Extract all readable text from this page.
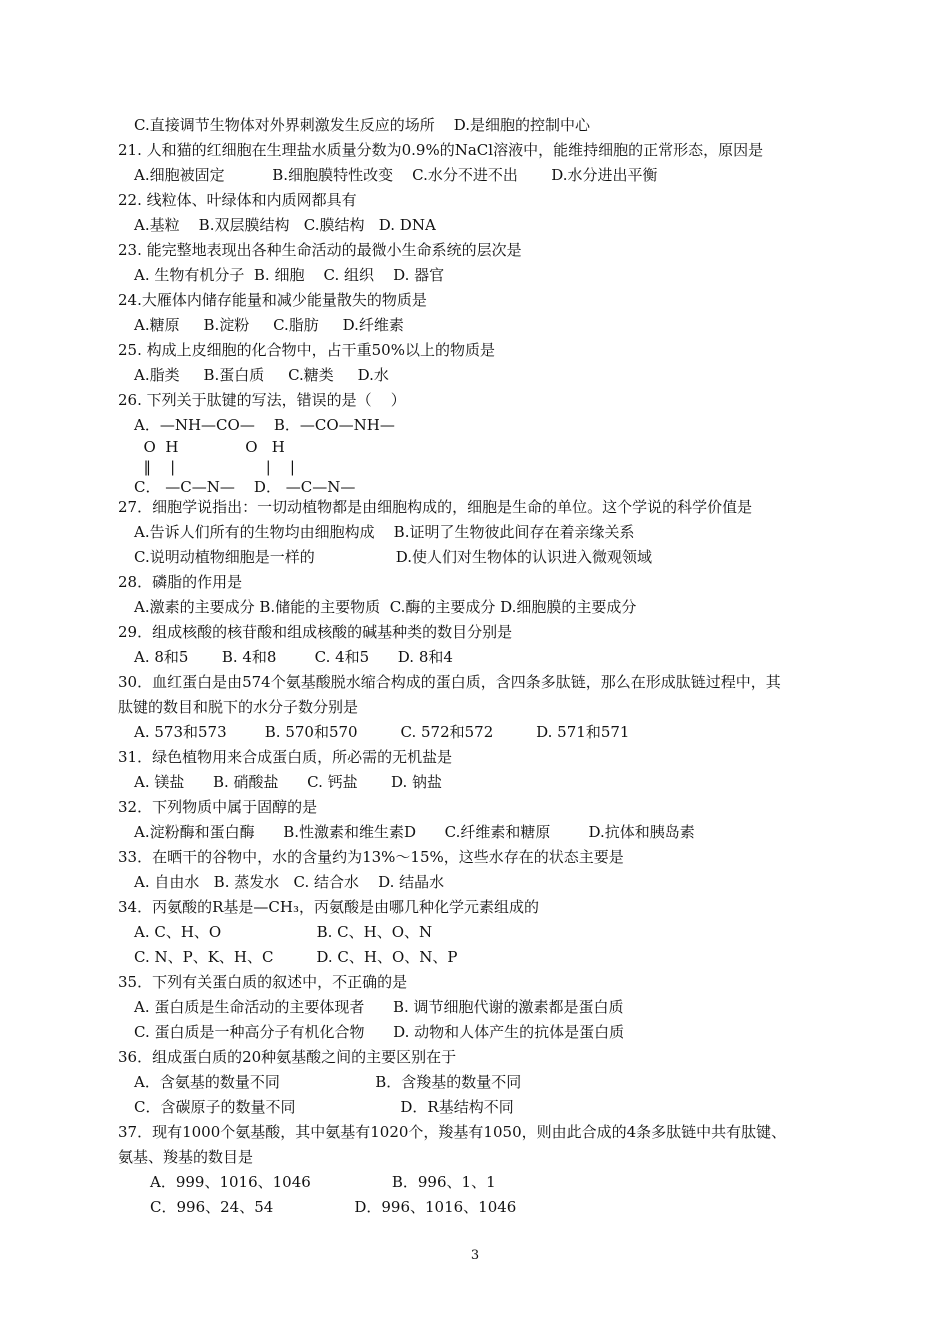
C.直接调节生物体对外界刺激发生反应的场所    D.是细胞的控制中心
21. 人和猫的红细胞在生理盐水质量分数为0.9%的NaCl溶液中，能维持细胞的正常形态，原因是
A.细胞被固定          B.细胞膜特性改变    C.水分不进不出       D.水分进出平衡
22. 线粒体、叶绿体和内质网都具有
A.基粒    B.双层膜结构   C.膜结构   D. DNA
23. 能完整地表现出各种生命活动的最微小生命系统的层次是
A. 生物有机分子  B. 细胞    C. 组织    D. 器官
24.大雁体内储存能量和减少能量散失的物质是
A.糖原     B.淀粉     C.脂肪     D.纤维素
25. 构成上皮细胞的化合物中，占干重50%以上的物质是
A.脂类     B.蛋白质     C.糖类     D.水
26. 下列关于肽键的写法，错误的是（    ）
A．—NH—CO—    B．—CO—NH—
O  H              O   H
‖    |                   |    |
C． —C—N—    D． —C—N—
27．细胞学说指出：一切动植物都是由细胞构成的，细胞是生命的单位。这个学说的科学价值是
A.告诉人们所有的生物均由细胞构成    B.证明了生物彼此间存在着亲缘关系
C.说明动植物细胞是一样的                 D.使人们对生物体的认识进入微观领域
28．磷脂的作用是
A.激素的主要成分 B.储能的主要物质  C.酶的主要成分 D.细胞膜的主要成分
29．组成核酸的核苷酸和组成核酸的碱基种类的数目分别是
A. 8和5       B. 4和8        C. 4和5      D. 8和4
30．血红蛋白是由574个氨基酸脱水缩合构成的蛋白质，含四条多肽链，那么在形成肽链过程中，其
肽键的数目和脱下的水分子数分别是
A. 573和573        B. 570和570         C. 572和572         D. 571和571
31．绿色植物用来合成蛋白质，所必需的无机盐是
A. 镁盐      B. 硝酸盐      C. 钙盐       D. 钠盐
32．下列物质中属于固醇的是
A.淀粉酶和蛋白酶      B.性激素和维生素D      C.纤维素和糖原        D.抗体和胰岛素
33．在晒干的谷物中，水的含量约为13%～15%，这些水存在的状态主要是
A. 自由水   B. 蒸发水   C. 结合水    D. 结晶水
34．丙氨酸的R基是—CH₃，丙氨酸是由哪几种化学元素组成的
A. C、H、O                    B. C、H、O、N
C. N、P、K、H、C         D. C、H、O、N、P
35．下列有关蛋白质的叙述中，不正确的是
A. 蛋白质是生命活动的主要体现者      B. 调节细胞代谢的激素都是蛋白质
C. 蛋白质是一种高分子有机化合物      D. 动物和人体产生的抗体是蛋白质
36．组成蛋白质的20种氨基酸之间的主要区别在于
A．含氨基的数量不同                    B．含羧基的数量不同
C．含碳原子的数量不同                      D．R基结构不同
37．现有1000个氨基酸，其中氨基有1020个，羧基有1050，则由此合成的4条多肽链中共有肽键、
氨基、羧基的数目是
A．999、1016、1046                 B．996、1、1
C．996、24、54                 D．996、1016、1046
3
